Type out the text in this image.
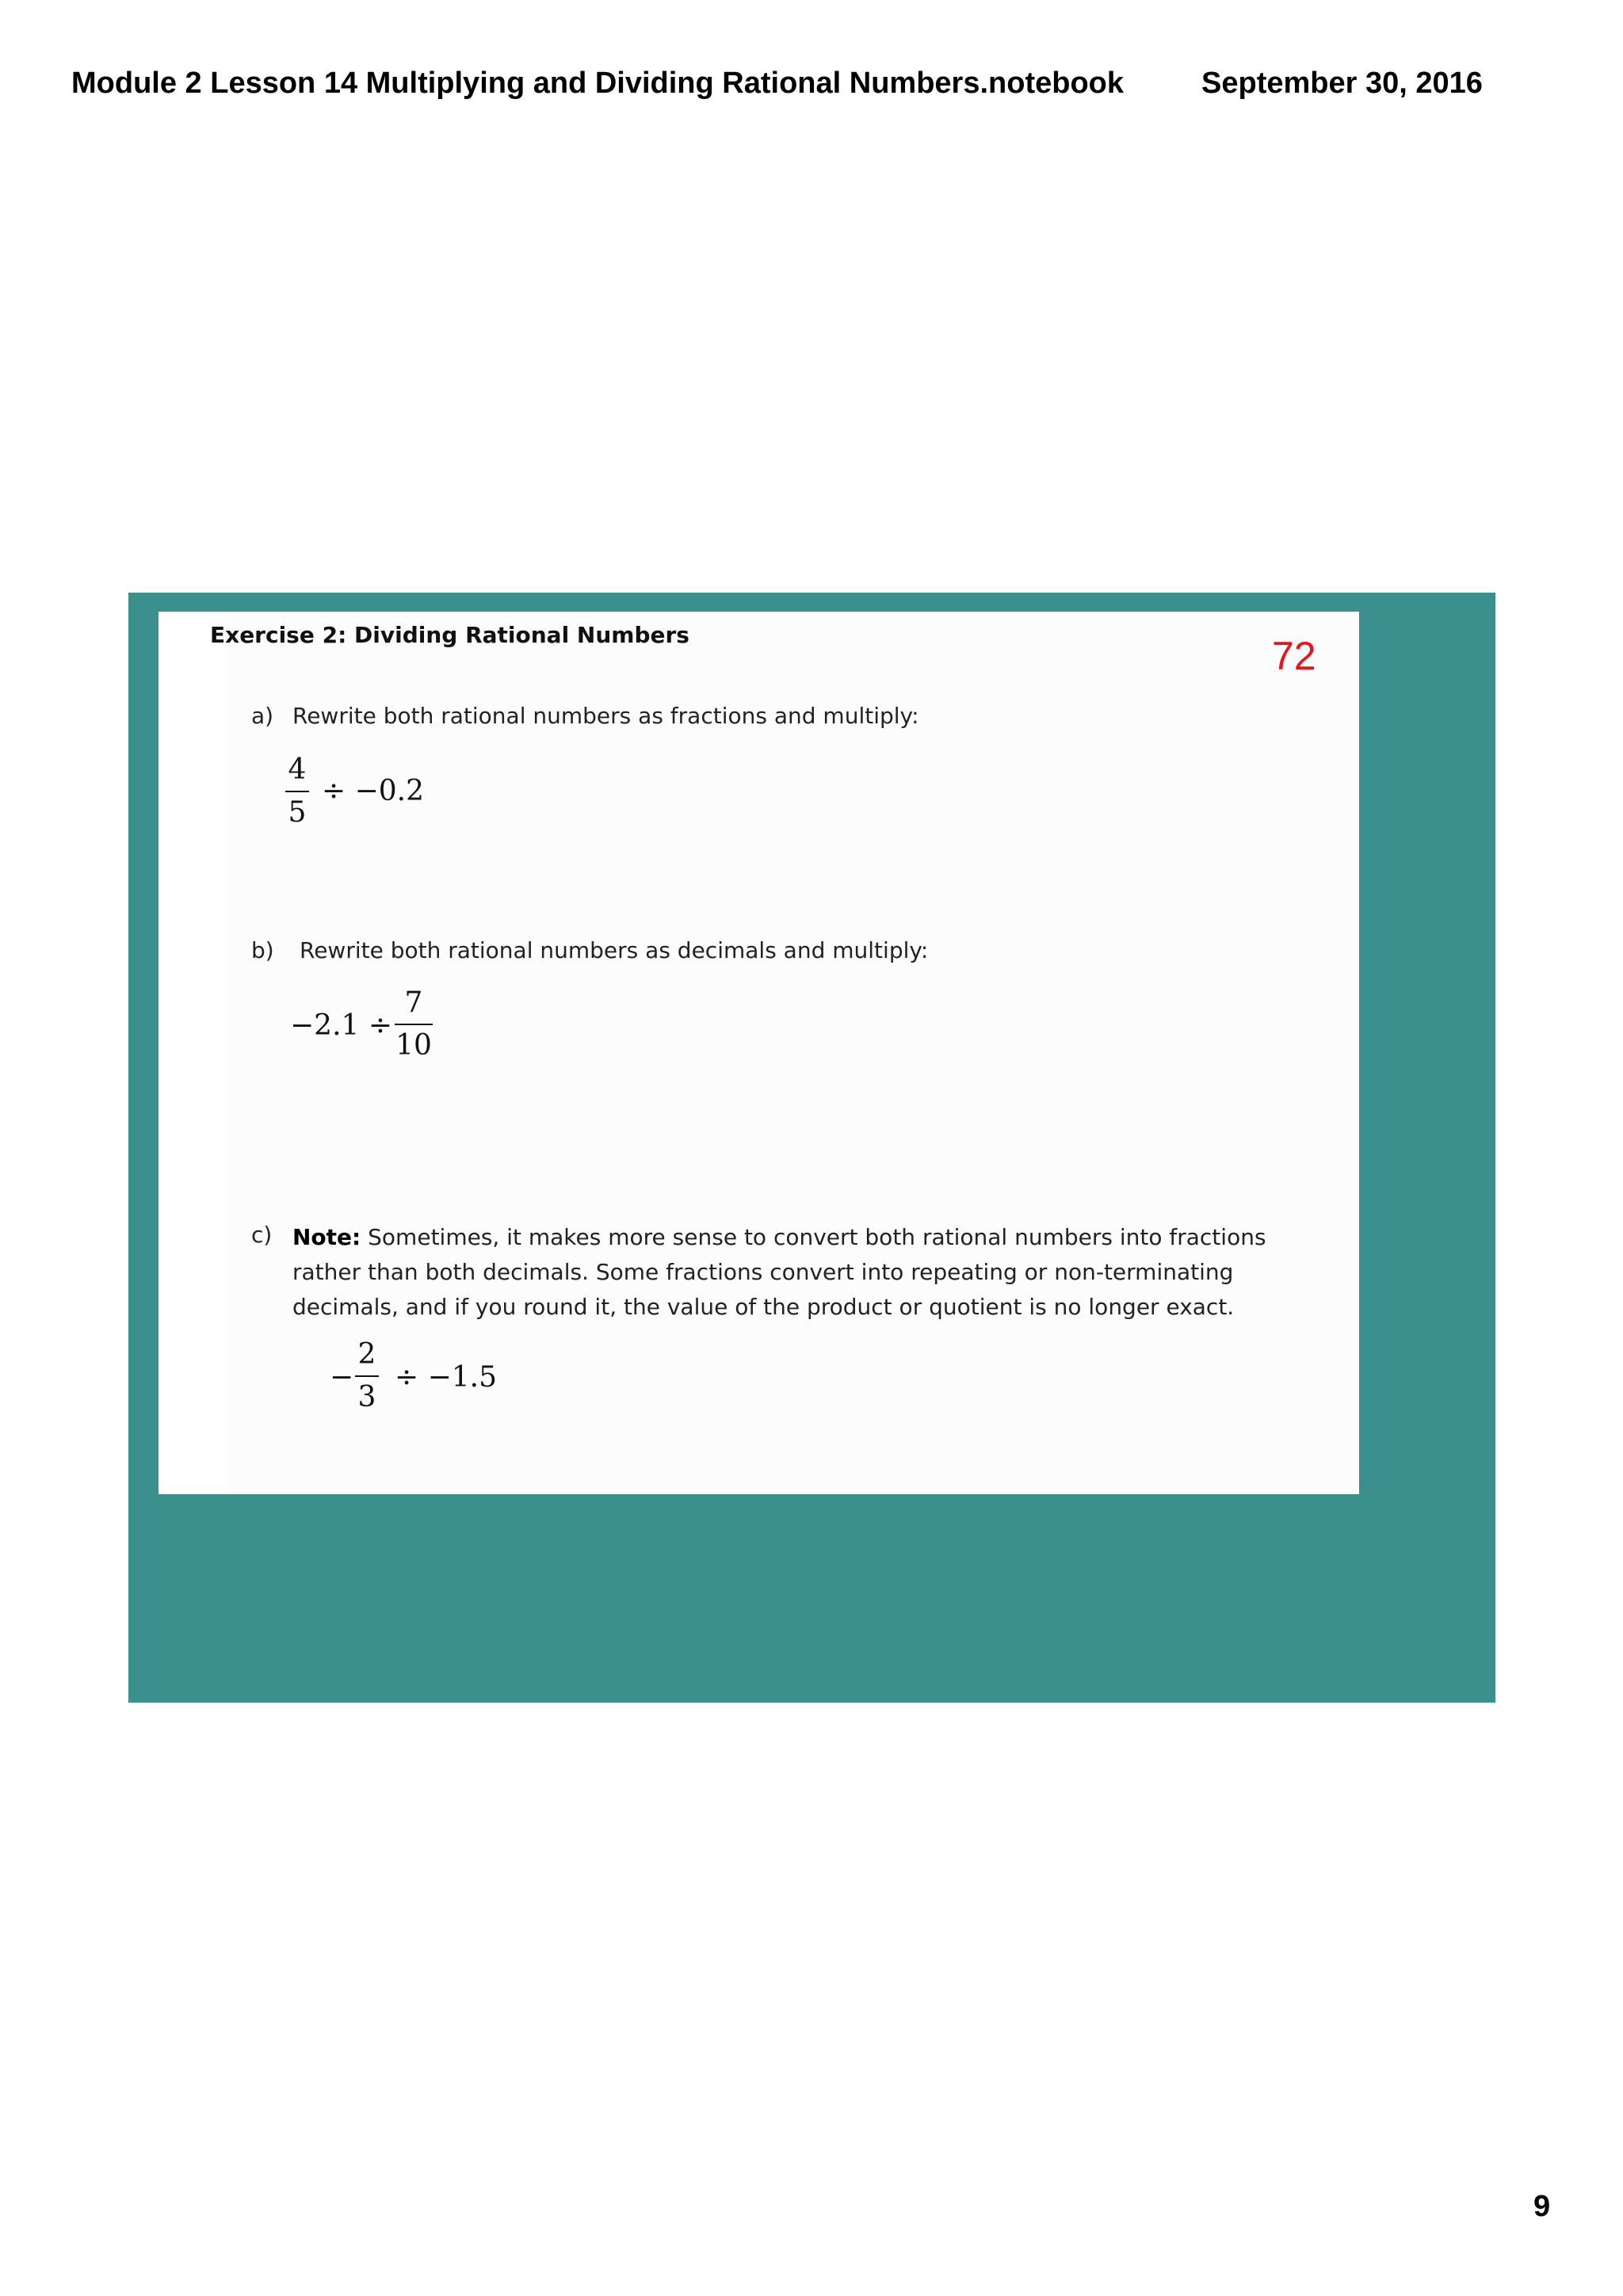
Module 2 Lesson 14 Multiplying and Dividing Rational Numbers.notebook	September 30, 2016
Exercise 2: Dividing Rational Numbers	72
a) Rewrite both rational numbers as fractions and multiply:
4
5
÷ −0.2
b) Rewrite both rational numbers as decimals and multiply:
−2.1 ÷
7
10
c) Note: Sometimes, it makes more sense to convert both rational numbers into fractions
rather than both decimals. Some fractions convert into repeating or non-terminating
decimals, and if you round it, the value of the product or quotient is no longer exact.
−
2
3
÷ −1.5
9
